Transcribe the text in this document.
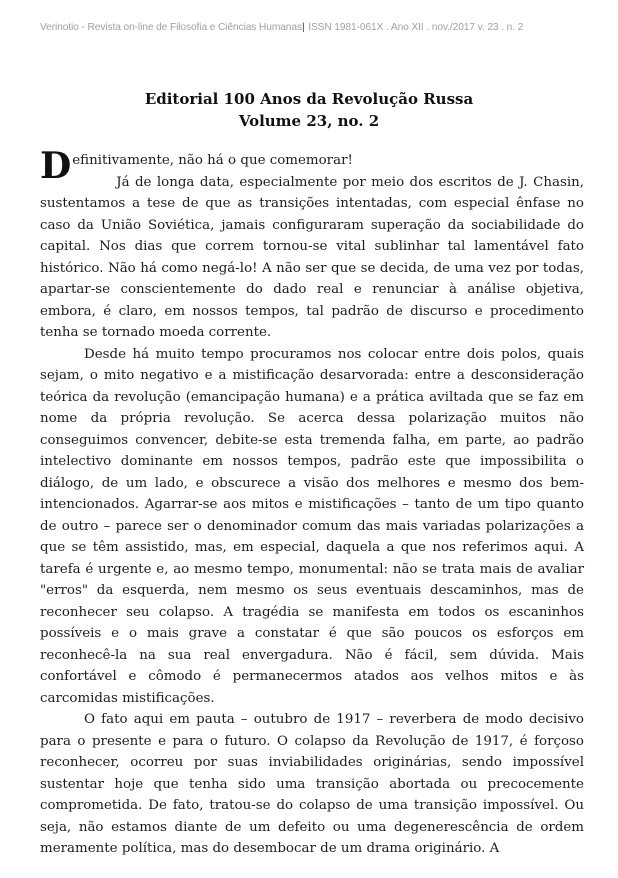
Verinotio - Revista on-line de Filosofia e Ciências Humanas| ISSN 1981-061X . Ano XII . nov./2017 v. 23 . n. 2
Editorial 100 Anos da Revolução Russa
Volume 23, no. 2

Definitivamente, não há o que comemorar!

Já de longa data, especialmente por meio dos escritos de J. Chasin, sustentamos a tese de que as transições intentadas, com especial ênfase no caso da União Soviética, jamais configuraram superação da sociabilidade do capital. Nos dias que correm tornou-se vital sublinhar tal lamentável fato histórico. Não há como negá-lo! A não ser que se decida, de uma vez por todas, apartar-se conscientemente do dado real e renunciar à análise objetiva, embora, é claro, em nossos tempos, tal padrão de discurso e procedimento tenha se tornado moeda corrente.

Desde há muito tempo procuramos nos colocar entre dois polos, quais sejam, o mito negativo e a mistificação desarvorada: entre a desconsideração teórica da revolução (emancipação humana) e a prática aviltada que se faz em nome da própria revolução. Se acerca dessa polarização muitos não conseguimos convencer, debite-se esta tremenda falha, em parte, ao padrão intelectivo dominante em nossos tempos, padrão este que impossibilita o diálogo, de um lado, e obscurece a visão dos melhores e mesmo dos bem-intencionados. Agarrar-se aos mitos e mistificações – tanto de um tipo quanto de outro – parece ser o denominador comum das mais variadas polarizações a que se têm assistido, mas, em especial, daquela a que nos referimos aqui. A tarefa é urgente e, ao mesmo tempo, monumental: não se trata mais de avaliar "erros" da esquerda, nem mesmo os seus eventuais descaminhos, mas de reconhecer seu colapso. A tragédia se manifesta em todos os escaninhos possíveis e o mais grave a constatar é que são poucos os esforços em reconhecê-la na sua real envergadura. Não é fácil, sem dúvida. Mais confortável e cômodo é permanecermos atados aos velhos mitos e às carcomidas mistificações.

O fato aqui em pauta – outubro de 1917 – reverbera de modo decisivo para o presente e para o futuro. O colapso da Revolução de 1917, é forçoso reconhecer, ocorreu por suas inviabilidades originárias, sendo impossível sustentar hoje que tenha sido uma transição abortada ou precocemente comprometida. De fato, tratou-se do colapso de uma transição impossível. Ou seja, não estamos diante de um defeito ou uma degenerescência de ordem meramente política, mas do desembocar de um drama originário. A
